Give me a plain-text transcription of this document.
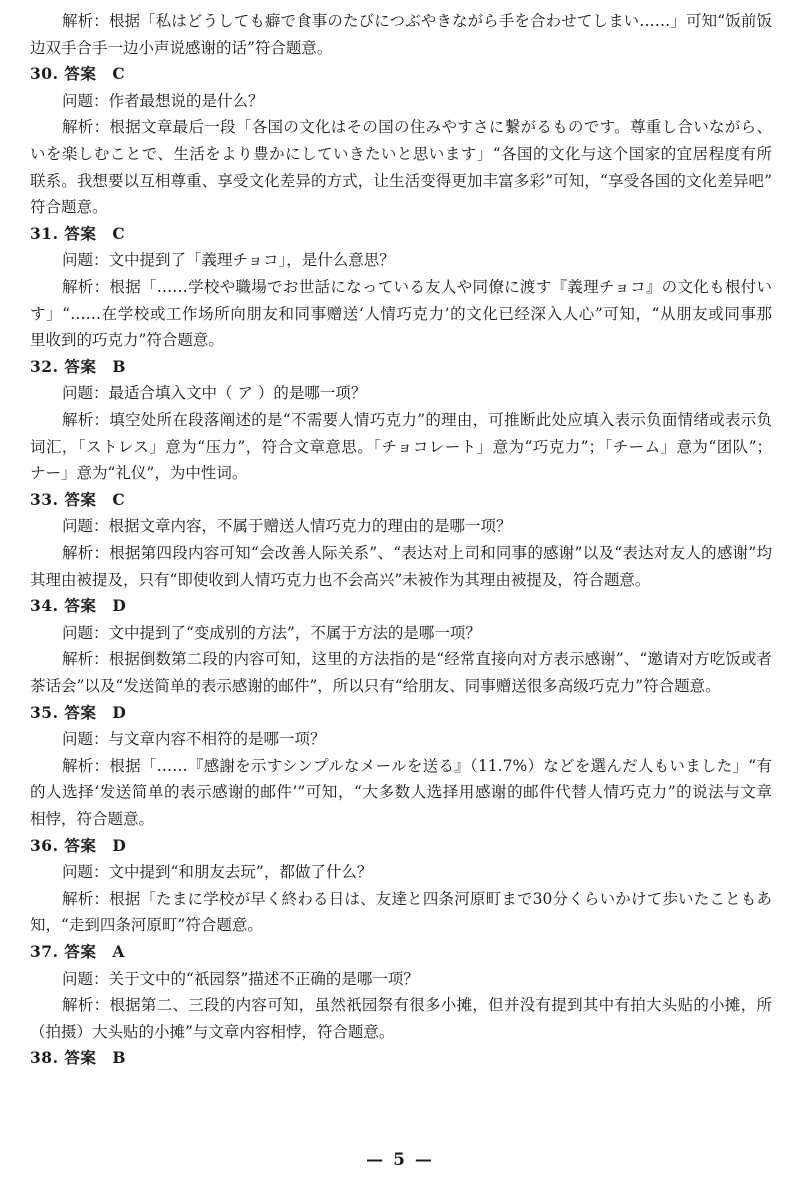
解析：根据「私はどうしても癖で食事のたびにつぶやきながら手を合わせてしまい……」可知“饭前饭
边双手合手一边小声说感谢的话”符合题意。
30. 答案　C
问题：作者最想说的是什么？
解析：根据文章最后一段「各国の文化はその国の住みやすさに繋がるものです。尊重し合いながら、
いを楽しむことで、生活をより豊かにしていきたいと思います」“各国的文化与这个国家的宜居程度有所
联系。我想要以互相尊重、享受文化差异的方式，让生活变得更加丰富多彩”可知，“享受各国的文化差异吧”
符合题意。
31. 答案　C
问题：文中提到了「義理チョコ」，是什么意思？
解析：根据「……学校や職場でお世話になっている友人や同僚に渡す『義理チョコ』の文化も根付い
す」“……在学校或工作场所向朋友和同事赠送‘人情巧克力’的文化已经深入人心”可知，“从朋友或同事那
里收到的巧克力”符合题意。
32. 答案　B
问题：最适合填入文中（ ア ）的是哪一项？
解析：填空处所在段落阐述的是“不需要人情巧克力”的理由，可推断此处应填入表示负面情绪或表示负
词汇，「ストレス」意为“压力”，符合文章意思。「チョコレート」意为“巧克力”；「チーム」意为“团队”；
ナー」意为“礼仪”，为中性词。
33. 答案　C
问题：根据文章内容，不属于赠送人情巧克力的理由的是哪一项？
解析：根据第四段内容可知“会改善人际关系”、“表达对上司和同事的感谢”以及“表达对友人的感谢”均
其理由被提及，只有“即使收到人情巧克力也不会高兴”未被作为其理由被提及，符合题意。
34. 答案　D
问题：文中提到了“变成别的方法”，不属于方法的是哪一项？
解析：根据倒数第二段的内容可知，这里的方法指的是“经常直接向对方表示感谢”、“邀请对方吃饭或者
茶话会”以及“发送简单的表示感谢的邮件”，所以只有“给朋友、同事赠送很多高级巧克力”符合题意。
35. 答案　D
问题：与文章内容不相符的是哪一项？
解析：根据「……『感謝を示すシンプルなメールを送る』（11.7%）などを選んだ人もいました」“有
的人选择‘发送简单的表示感谢的邮件’”可知，“大多数人选择用感谢的邮件代替人情巧克力”的说法与文章
相悖，符合题意。
36. 答案　D
问题：文中提到“和朋友去玩”，都做了什么？
解析：根据「たまに学校が早く終わる日は、友達と四条河原町まで30分くらいかけて歩いたこともあ
知，“走到四条河原町”符合题意。
37. 答案　A
问题：关于文中的“祇园祭”描述不正确的是哪一项？
解析：根据第二、三段的内容可知，虽然祇园祭有很多小摊，但并没有提到其中有拍大头贴的小摊，所
（拍摄）大头贴的小摊”与文章内容相悖，符合题意。
38. 答案　B
— 5 —
